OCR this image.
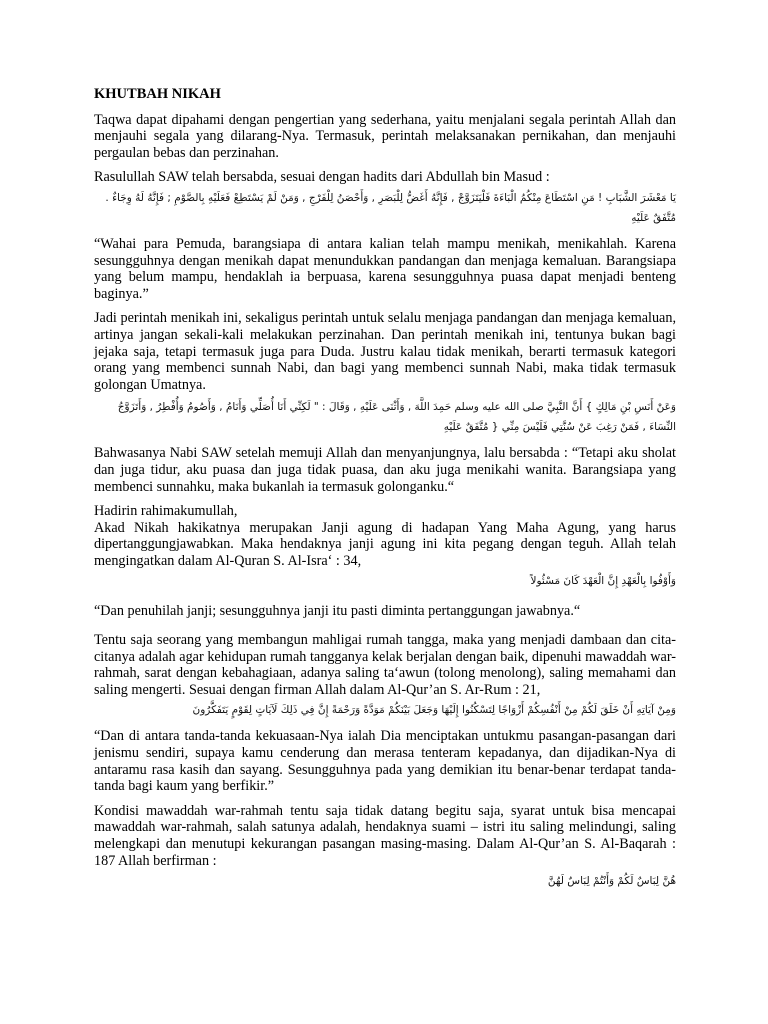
KHUTBAH NIKAH
Taqwa dapat dipahami dengan pengertian yang sederhana, yaitu menjalani segala perintah Allah dan menjauhi segala yang dilarang-Nya. Termasuk, perintah melaksanakan pernikahan, dan menjauhi pergaulan bebas dan perzinahan.
Rasulullah SAW telah bersabda, sesuai dengan hadits dari Abdullah bin Masud :
يَا مَعْشَرَ الشَّبَابِ ! مَنِ اسْتَطَاعَ مِنْكُمُ الْبَاءَةَ فَلْيَتَزَوَّجْ , فَإِنَّهُ أَغَضُّ لِلْبَصَرِ , وَأَحْصَنُ لِلْفَرْجِ , وَمَنْ لَمْ يَسْتَطِعْ فَعَلَيْهِ بِالصَّوْمِ ; فَإِنَّهُ لَهُ وِجَاءٌ . مُتَّفَقٌ عَلَيْهِ
“Wahai para Pemuda, barangsiapa di antara kalian telah mampu menikah, menikahlah. Karena sesungguhnya dengan menikah dapat menundukkan pandangan dan menjaga kemaluan. Barangsiapa yang belum mampu, hendaklah ia berpuasa, karena sesungguhnya puasa dapat menjadi benteng baginya.”
Jadi perintah menikah ini, sekaligus perintah untuk selalu menjaga pandangan dan menjaga kemaluan, artinya jangan sekali-kali melakukan perzinahan. Dan perintah menikah ini, tentunya bukan bagi jejaka saja, tetapi termasuk juga para Duda. Justru kalau tidak menikah, berarti termasuk kategori orang yang membenci sunnah Nabi, dan bagi yang membenci sunnah Nabi, maka tidak termasuk golongan Umatnya.
وَعَنْ أَنَسِ بْنِ مَالِكٍ } أَنَّ النَّبِيَّ صلى الله عليه وسلم حَمِدَ اللَّهَ , وَأَثْنَى عَلَيْهِ , وَقَالَ : " لَكِنِّي أَنَا أُصَلِّي وَأَنَامُ , وَأَصُومُ وَأُفْطِرُ , وَأَتَزَوَّجُ النِّسَاءَ , فَمَنْ رَغِبَ عَنْ سُنَّتِي فَلَيْسَ مِنِّي { مُتَّفَقٌ عَلَيْهِ
Bahwasanya Nabi SAW setelah memuji Allah dan menyanjungnya, lalu bersabda : “Tetapi aku sholat dan juga tidur, aku puasa dan juga tidak puasa, dan aku juga menikahi wanita. Barangsiapa yang membenci sunnahku, maka bukanlah ia termasuk golonganku.“
Hadirin rahimakumullah,
Akad Nikah hakikatnya merupakan Janji agung di hadapan Yang Maha Agung, yang harus dipertanggungjawabkan. Maka hendaknya janji agung ini kita pegang dengan teguh. Allah telah mengingatkan dalam Al-Quran S. Al-Isra‘ : 34,
وَأَوْفُوا بِالْعَهْدِ إِنَّ الْعَهْدَ كَانَ مَسْئُولاً
“Dan penuhilah janji; sesungguhnya janji itu pasti diminta pertanggungan jawabnya.“
Tentu saja seorang yang membangun mahligai rumah tangga, maka yang menjadi dambaan dan cita-citanya adalah agar kehidupan rumah tangganya kelak berjalan dengan baik, dipenuhi mawaddah war-rahmah, sarat dengan kebahagiaan, adanya saling ta‘awun (tolong menolong), saling memahami dan saling mengerti. Sesuai dengan firman Allah dalam Al-Qur’an S. Ar-Rum : 21,
وَمِنْ آيَاتِهِ أَنْ خَلَقَ لَكُمْ مِنْ أَنْفُسِكُمْ أَزْوَاجًا لِتَسْكُنُوا إِلَيْهَا وَجَعَلَ بَيْنَكُمْ مَوَدَّةً وَرَحْمَةً إِنَّ فِي ذَلِكَ لَآيَاتٍ لِقَوْمٍ يَتَفَكَّرُونَ
“Dan di antara tanda-tanda kekuasaan-Nya ialah Dia menciptakan untukmu pasangan-pasangan dari jenismu sendiri, supaya kamu cenderung dan merasa tenteram kepadanya, dan dijadikan-Nya di antaramu rasa kasih dan sayang. Sesungguhnya pada yang demikian itu benar-benar terdapat tanda-tanda bagi kaum yang berfikir.”
Kondisi mawaddah war-rahmah tentu saja tidak datang begitu saja, syarat untuk bisa mencapai mawaddah war-rahmah, salah satunya adalah, hendaknya suami – istri itu saling melindungi, saling melengkapi dan menutupi kekurangan pasangan masing-masing. Dalam Al-Qur’an S. Al-Baqarah : 187 Allah berfirman :
هُنَّ لِبَاسٌ لَكُمْ وَأَنْتُمْ لِبَاسٌ لَهُنَّ
